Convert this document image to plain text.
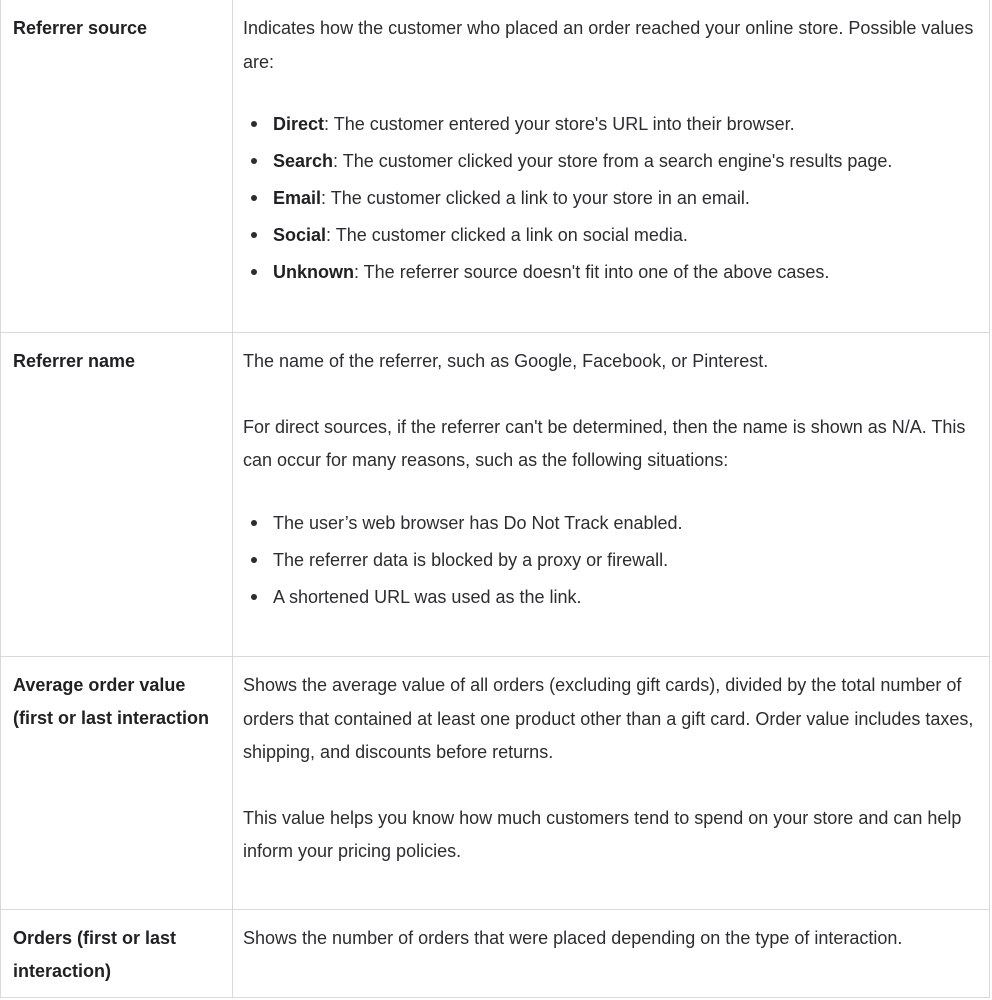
Referrer source	Indicates how the customer who placed an order reached your online store. Possible values are:

Direct: The customer entered your store's URL into their browser.
Search: The customer clicked your store from a search engine's results page.
Email: The customer clicked a link to your store in an email.
Social: The customer clicked a link on social media.
Unknown: The referrer source doesn't fit into one of the above cases.
Referrer name	The name of the referrer, such as Google, Facebook, or Pinterest.

For direct sources, if the referrer can't be determined, then the name is shown as N/A. This can occur for many reasons, such as the following situations:

The user’s web browser has Do Not Track enabled.
The referrer data is blocked by a proxy or firewall.
A shortened URL was used as the link.
Average order value (first or last interaction

Shows the average value of all orders (excluding gift cards), divided by the total number of orders that contained at least one product other than a gift card. Order value includes taxes, shipping, and discounts before returns.

This value helps you know how much customers tend to spend on your store and can help inform your pricing policies.

Orders (first or last interaction)

Shows the number of orders that were placed depending on the type of interaction.
